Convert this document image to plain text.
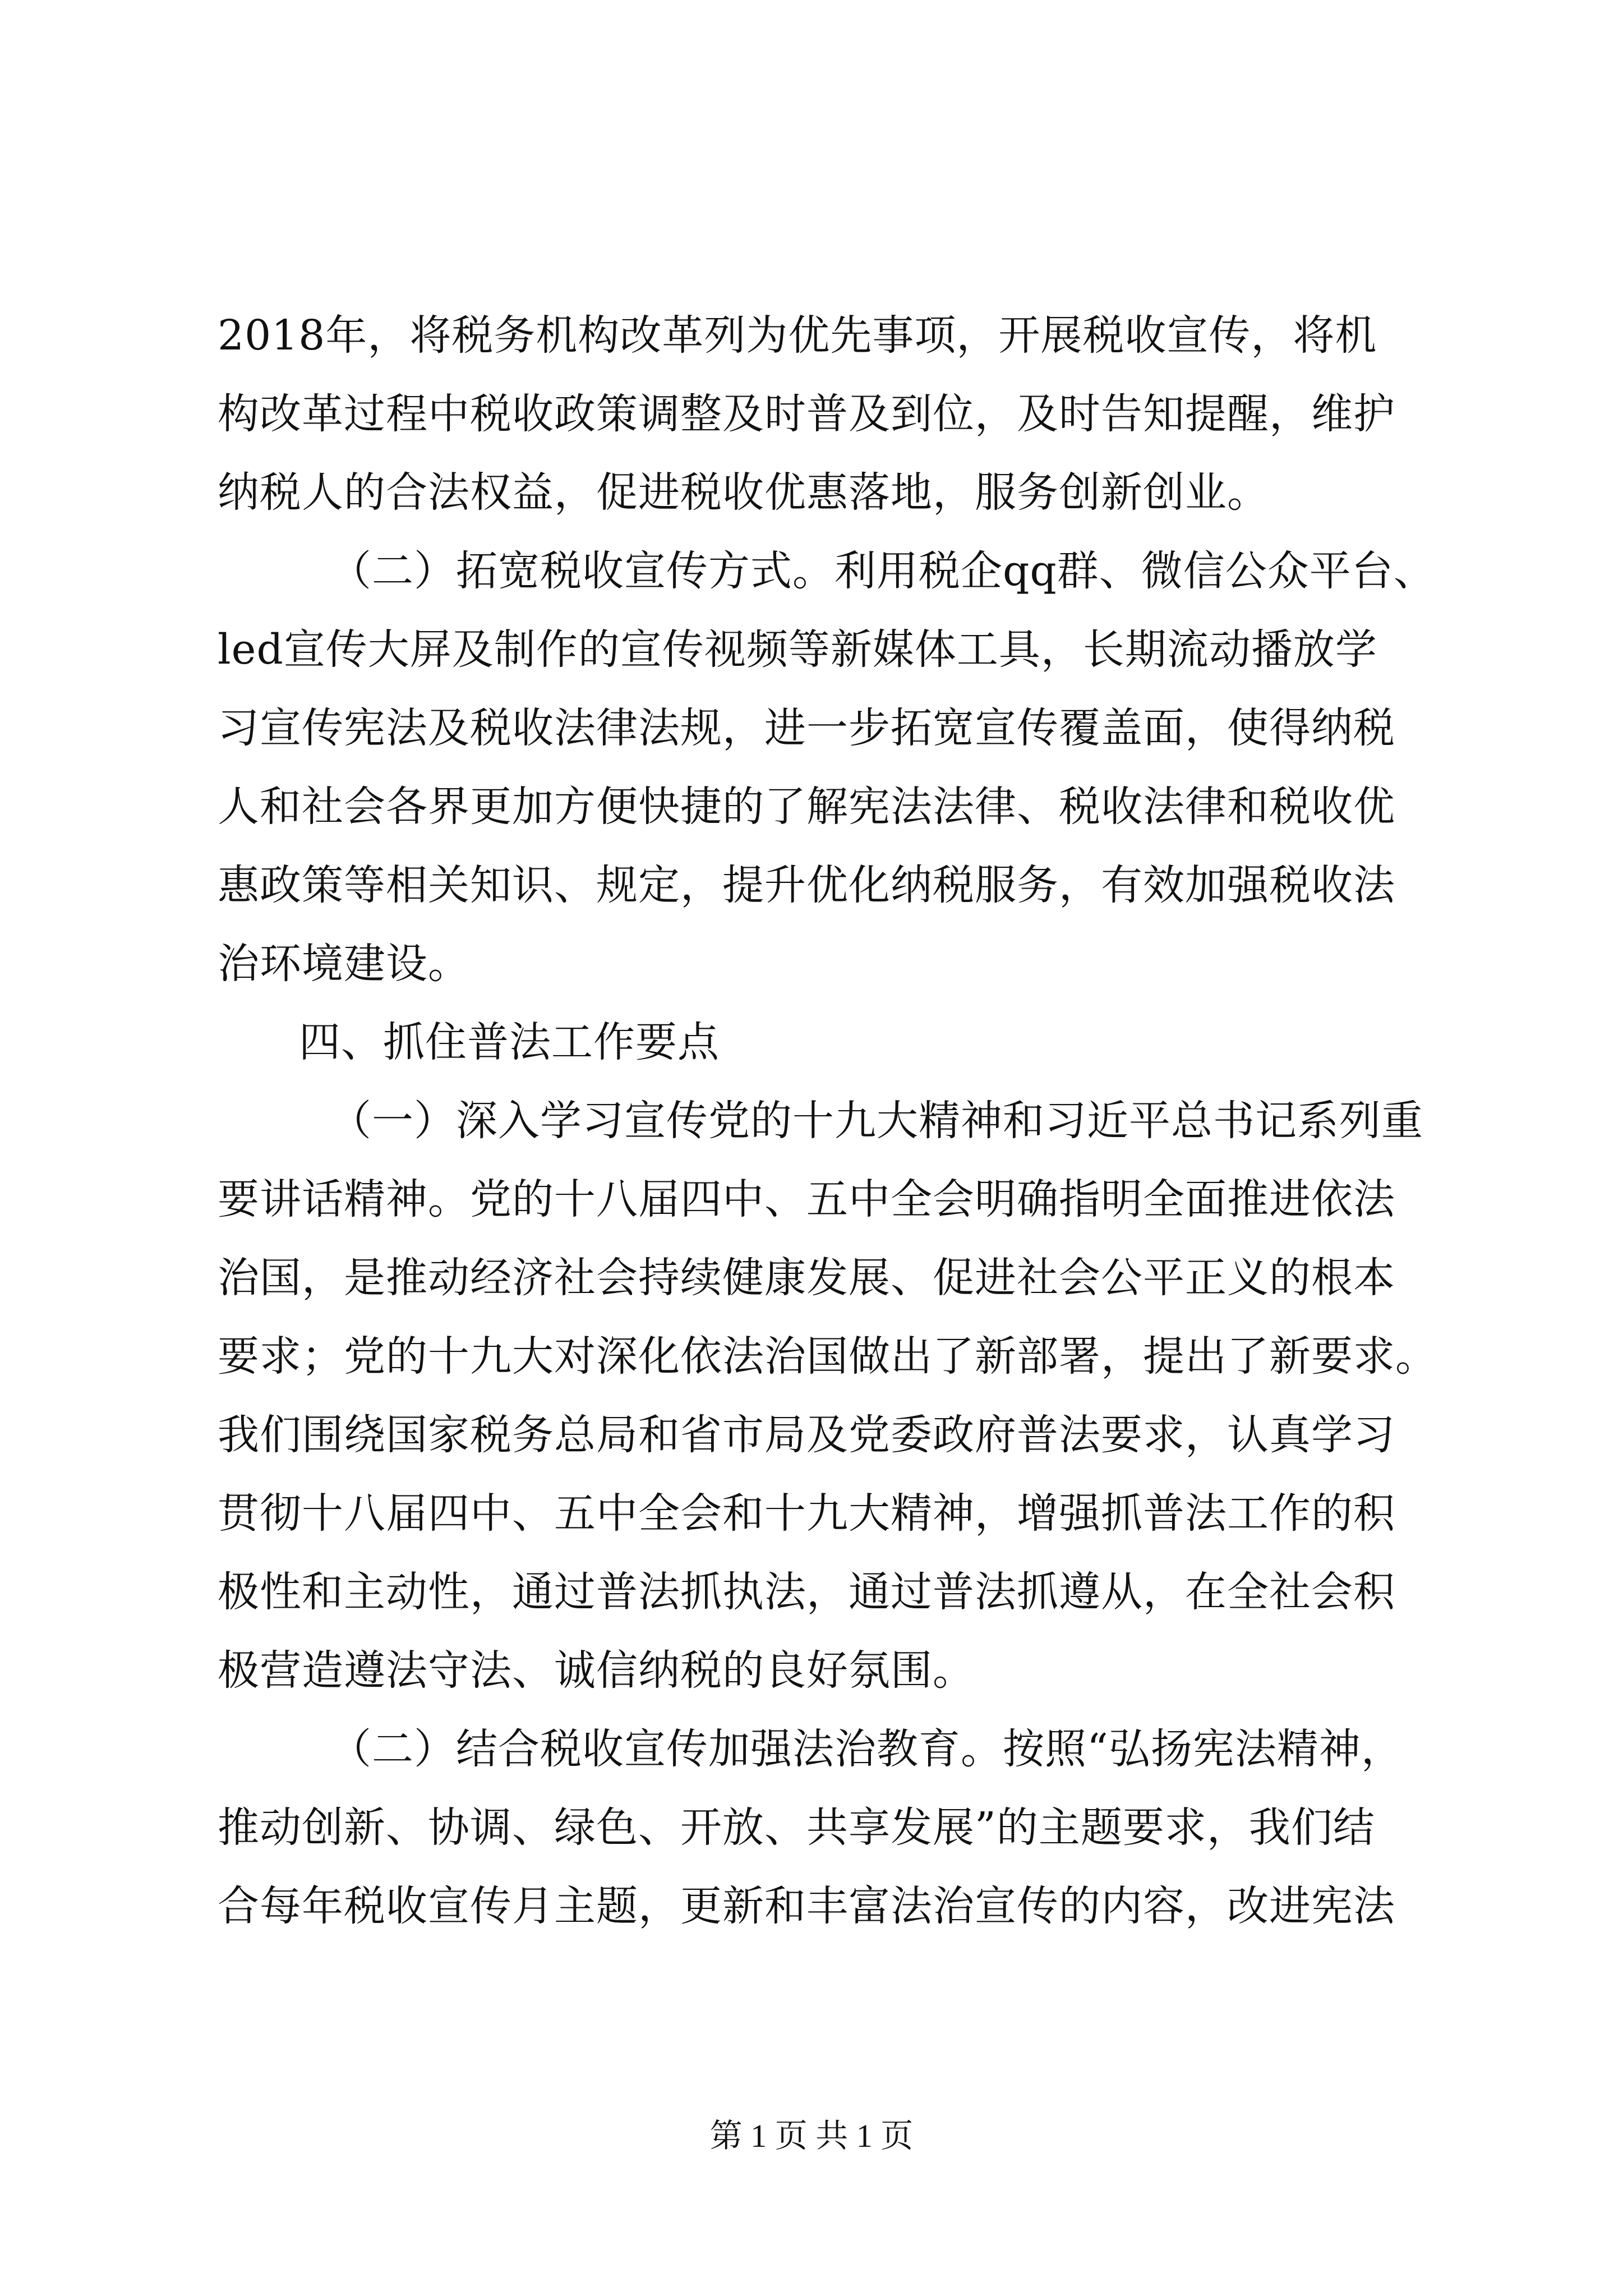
2018年，将税务机构改革列为优先事项，开展税收宣传，将机
构改革过程中税收政策调整及时普及到位，及时告知提醒，维护
纳税人的合法权益，促进税收优惠落地，服务创新创业。
（二）拓宽税收宣传方式。利用税企qq群、微信公众平台、
led宣传大屏及制作的宣传视频等新媒体工具，长期流动播放学
习宣传宪法及税收法律法规，进一步拓宽宣传覆盖面，使得纳税
人和社会各界更加方便快捷的了解宪法法律、税收法律和税收优
惠政策等相关知识、规定，提升优化纳税服务，有效加强税收法
治环境建设。
四、抓住普法工作要点
（一）深入学习宣传党的十九大精神和习近平总书记系列重
要讲话精神。党的十八届四中、五中全会明确指明全面推进依法
治国，是推动经济社会持续健康发展、促进社会公平正义的根本
要求；党的十九大对深化依法治国做出了新部署，提出了新要求。
我们围绕国家税务总局和省市局及党委政府普法要求，认真学习
贯彻十八届四中、五中全会和十九大精神，增强抓普法工作的积
极性和主动性，通过普法抓执法，通过普法抓遵从，在全社会积
极营造遵法守法、诚信纳税的良好氛围。
（二）结合税收宣传加强法治教育。按照“弘扬宪法精神，
推动创新、协调、绿色、开放、共享发展”的主题要求，我们结
合每年税收宣传月主题，更新和丰富法治宣传的内容，改进宪法
第 1 页 共 1 页
